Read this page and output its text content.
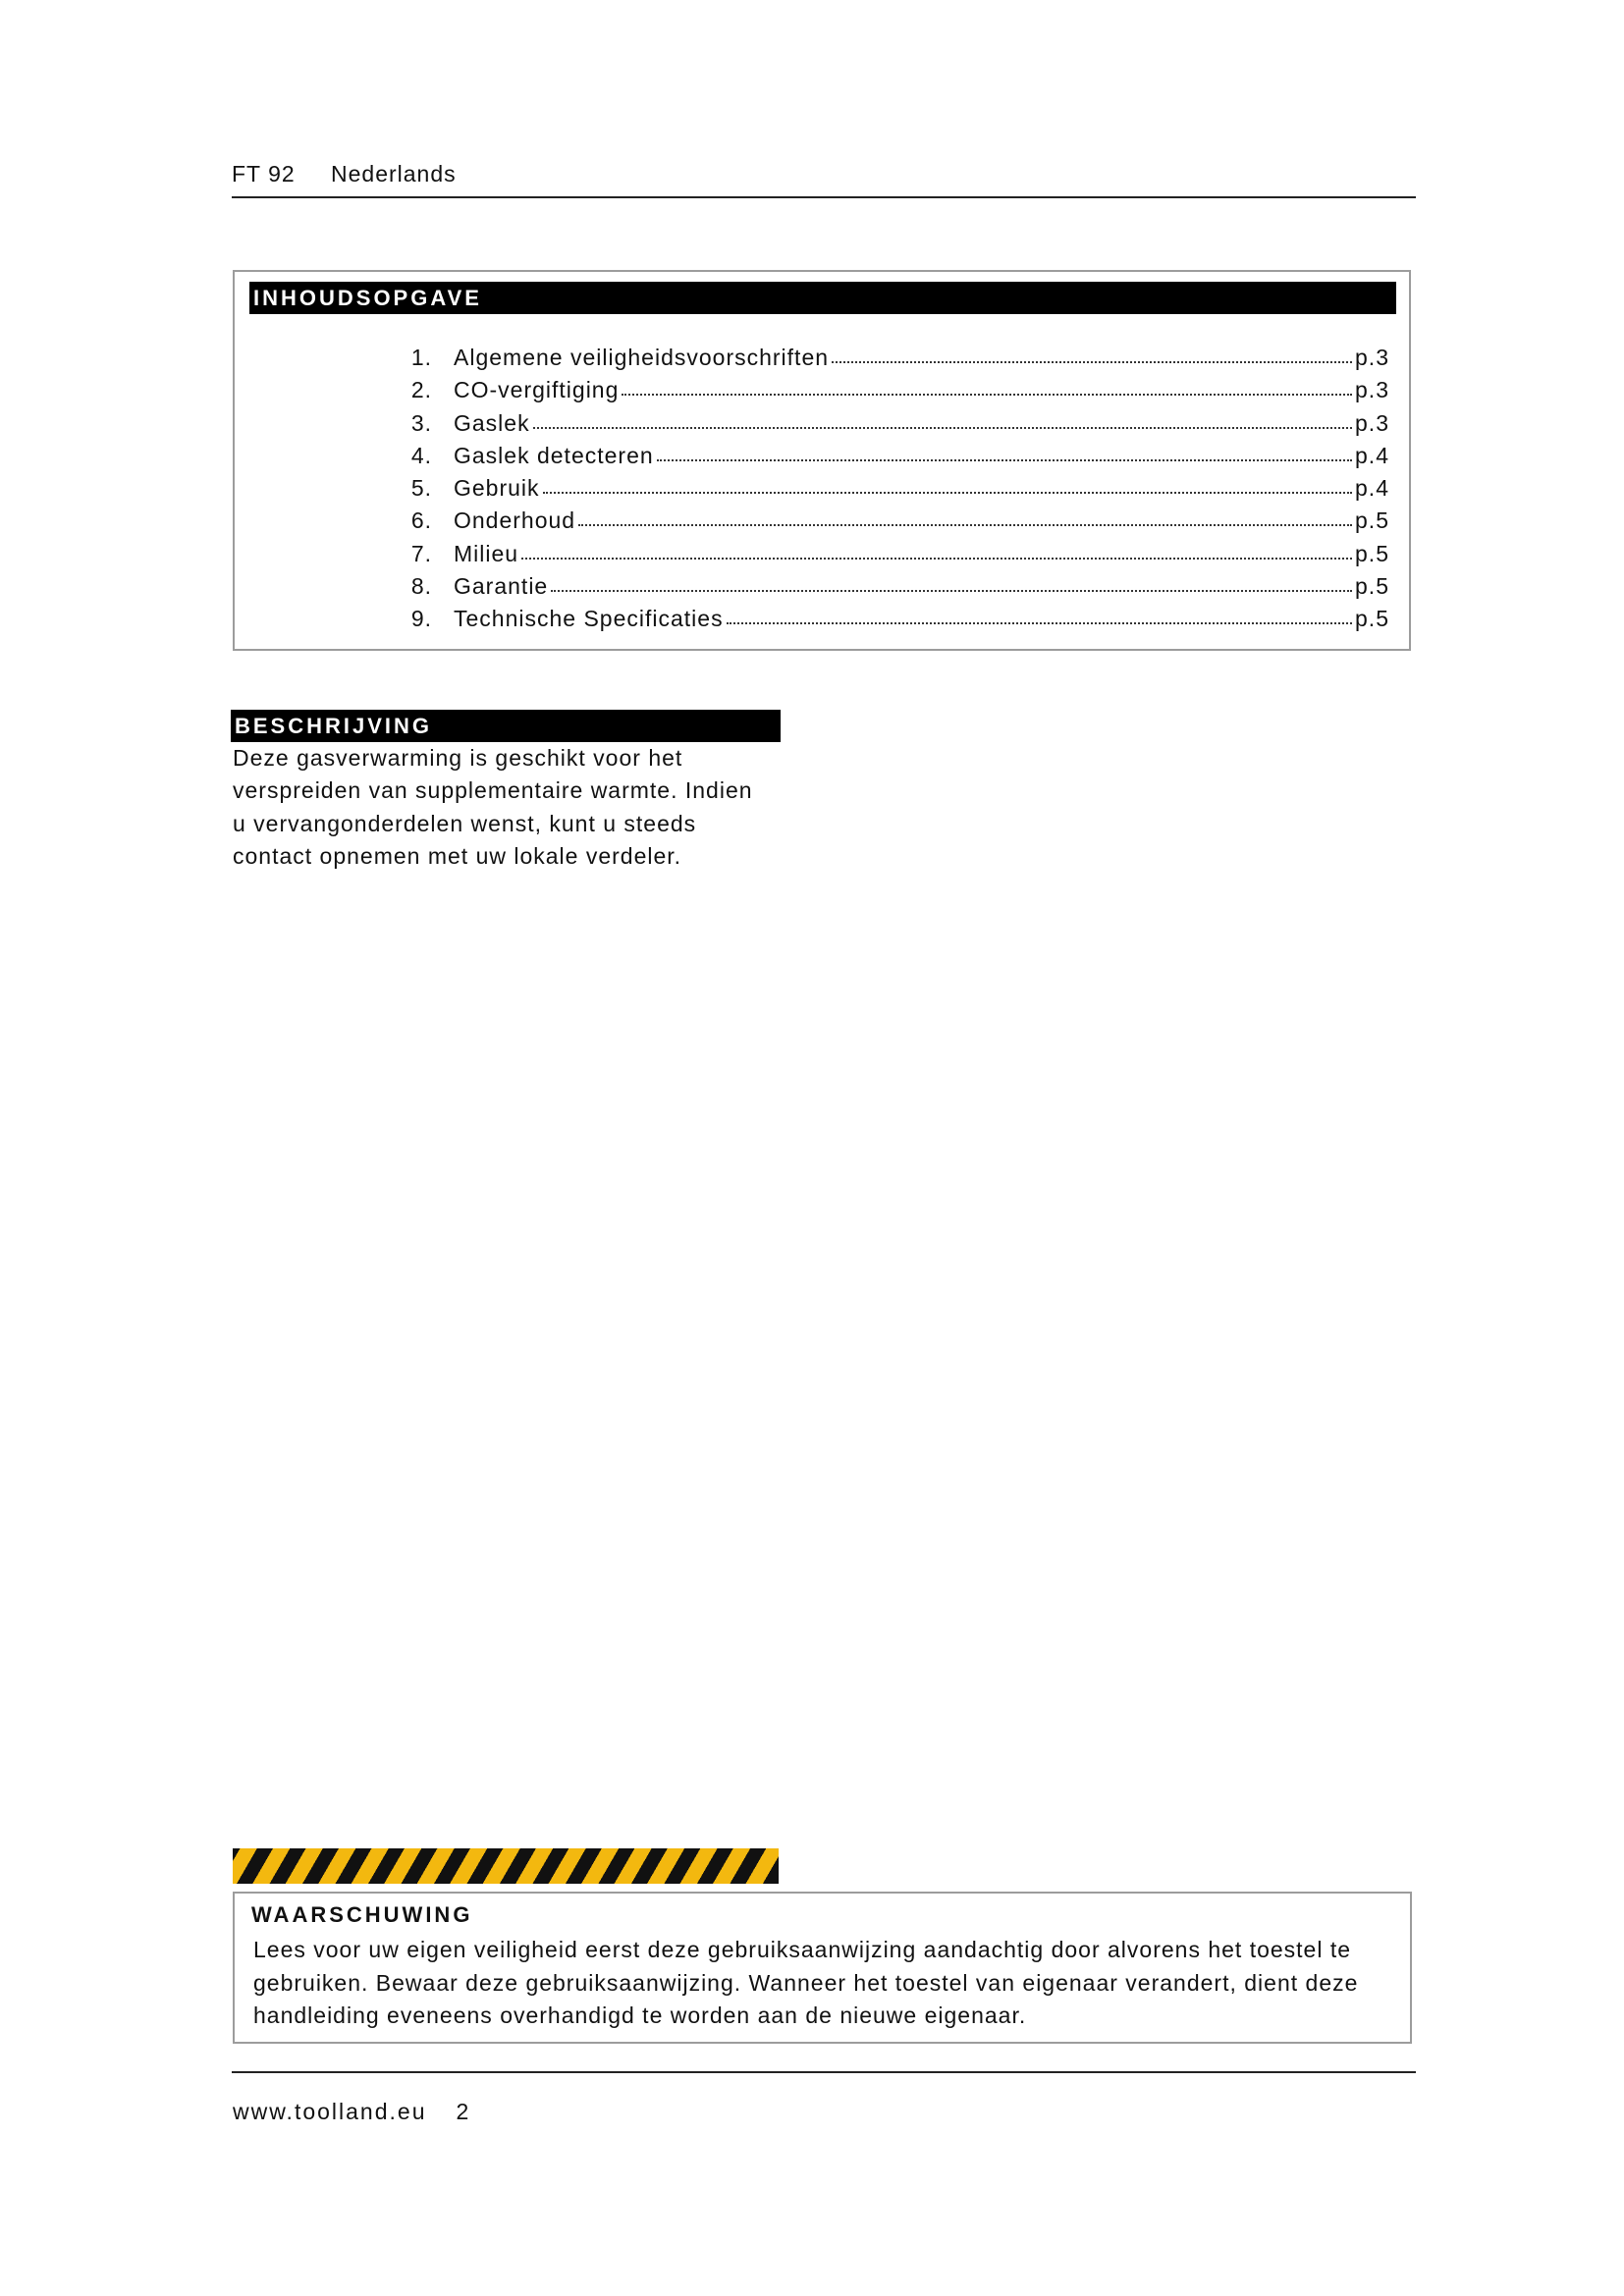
FT 92 Nederlands
INHOUDSOPGAVE
1. Algemene veiligheidsvoorschriften	p.3
2. CO-vergiftiging	p.3
3. Gaslek	p.3
4. Gaslek detecteren	p.4
5. Gebruik	p.4
6. Onderhoud	p.5
7. Milieu	p.5
8. Garantie	p.5
9. Technische Specificaties	p.5
BESCHRIJVING

Deze gasverwarming is geschikt voor het verspreiden van supplementaire warmte. Indien u vervangonderdelen wenst, kunt u steeds contact opnemen met uw lokale verdeler.

WAARSCHUWING

Lees voor uw eigen veiligheid eerst deze gebruiksaanwijzing aandachtig door alvorens het toestel te gebruiken. Bewaar deze gebruiksaanwijzing. Wanneer het toestel van eigenaar verandert, dient deze handleiding eveneens overhandigd te worden aan de nieuwe eigenaar.

www.toolland.eu 2
